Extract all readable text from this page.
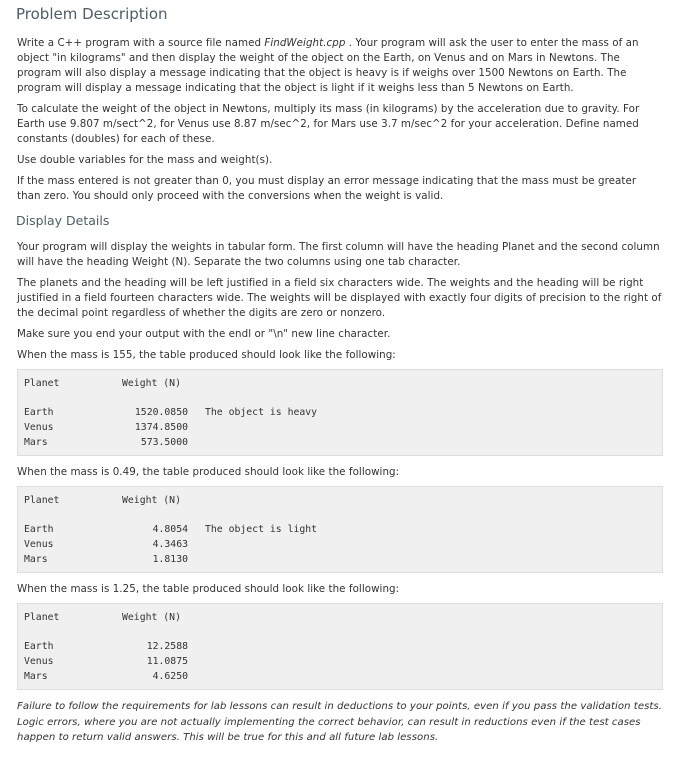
Problem Description

Write a C++ program with a source file named FindWeight.cpp . Your program will ask the user to enter the mass of an object "in kilograms" and then display the weight of the object on the Earth, on Venus and on Mars in Newtons. The program will also display a message indicating that the object is heavy is if weighs over 1500 Newtons on Earth. The program will display a message indicating that the object is light if it weighs less than 5 Newtons on Earth.

To calculate the weight of the object in Newtons, multiply its mass (in kilograms) by the acceleration due to gravity. For Earth use 9.807 m/sect^2, for Venus use 8.87 m/sec^2, for Mars use 3.7 m/sec^2 for your acceleration. Define named constants (doubles) for each of these.

Use double variables for the mass and weight(s).

If the mass entered is not greater than 0, you must display an error message indicating that the mass must be greater than zero. You should only proceed with the conversions when the weight is valid.

Display Details

Your program will display the weights in tabular form. The first column will have the heading Planet and the second column will have the heading Weight (N). Separate the two columns using one tab character.

The planets and the heading will be left justified in a field six characters wide. The weights and the heading will be right justified in a field fourteen characters wide. The weights will be displayed with exactly four digits of precision to the right of the decimal point regardless of whether the digits are zero or nonzero.

Make sure you end your output with the endl or "\n" new line character.

When the mass is 155, the table produced should look like the following:

Planet	Weight (N)
Earth	1520.0850	The object is heavy
Venus	1374.8500
Mars	573.5000

When the mass is 0.49, the table produced should look like the following:

Planet	Weight (N)
Earth	4.8054	The object is light
Venus	4.3463
Mars	1.8130

When the mass is 1.25, the table produced should look like the following:

Planet	Weight (N)
Earth	12.2588
Venus	11.0875
Mars	4.6250

Failure to follow the requirements for lab lessons can result in deductions to your points, even if you pass the validation tests. Logic errors, where you are not actually implementing the correct behavior, can result in reductions even if the test cases happen to return valid answers. This will be true for this and all future lab lessons.
